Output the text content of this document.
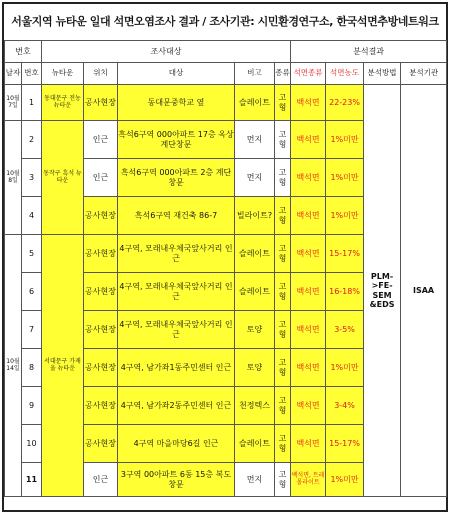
서울지역 뉴타운 일대 석면오염조사 결과 / 조사기관: 시민환경연구소, 한국석면추방네트워크
번호		조사대상					분석결과			
날자	번호	뉴타운	위치	대상	비고	종류	석면종류	석면농도	분석방법	분석기관
10월 7일	1	동대문구 전농뉴타운	공사현장	동대문중학교 옆	슬레이트	고형	백석면	22-23%	PLM->FE-SEM &EDS	ISAA
10월 8일	2	동작구 흑석 뉴타운	인근	흑석6구역 000아파트 17층 옥상계단창문	먼지	고형	백석면	1%미만		
	3		인근	흑석6구역 000아파트 2층 계단창문	먼지	고형	백석면	1%미만		
	4		공사현장	흑석6구역 재건축 86-7	빌라이트?	고형	백석면	1%미만		
10월 14일	5	서대문구 가재울 뉴타운	공사현장	4구역, 모래내우체국앞사거리 인근	슬레이트	고형	백석면	15-17%		
	6		공사현장	4구역, 모래내우체국앞사거리 인근	슬레이트	고형	백석면	16-18%		
	7		공사현장	4구역, 모래내우체국앞사거리 인근	토양	고형	백석면	3-5%		
	8		공사현장	4구역, 남가좌1동주민센터 인근	토양	고형	백석면	1%미만		
	9		공사현장	4구역, 남가좌2동주민센터 인근	천정텍스	고형	백석면	3-4%		
	10		공사현장	4구역 마을마당6길 인근	슬레이트	고형	백석면	15-17%		
	11		인근	3구역 00아파트 6동 15층 복도창문	먼지	고형	백석면, 트레몰라이트	1%미만		
